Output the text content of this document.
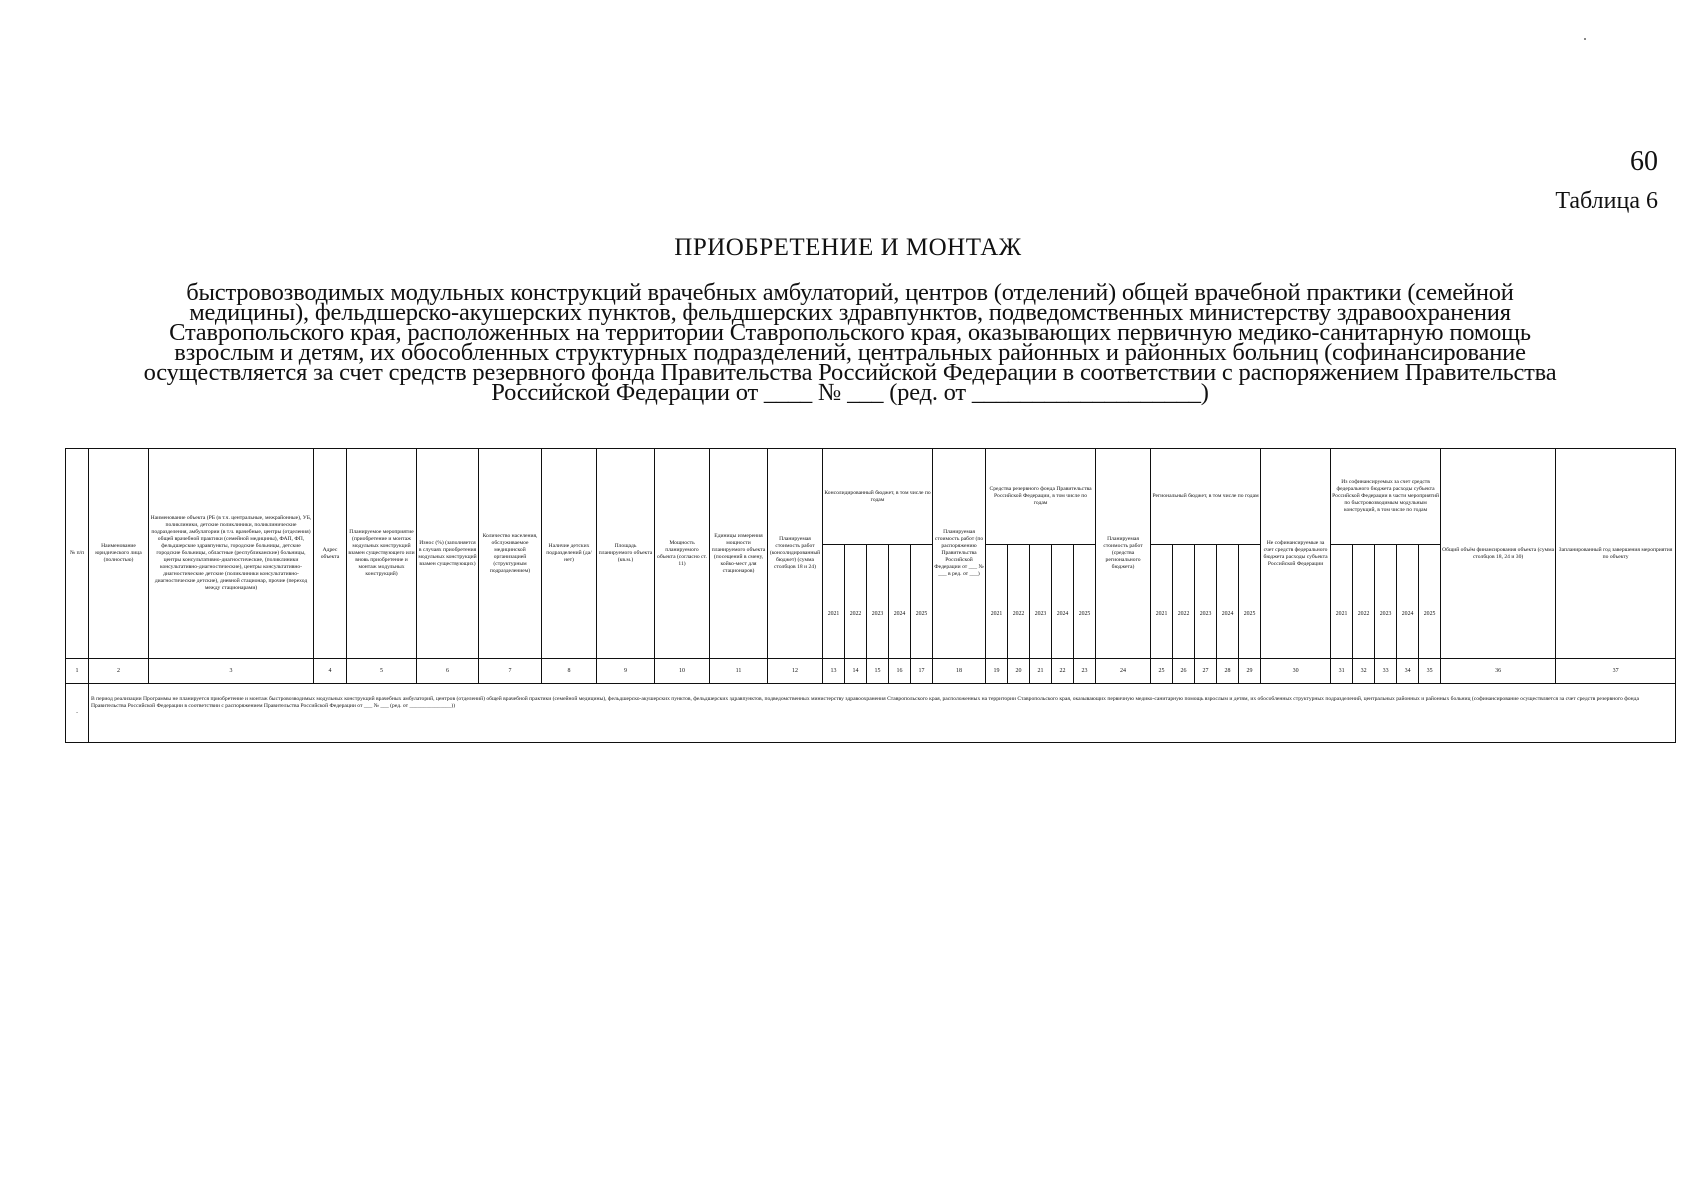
60
Таблица 6
ПРИОБРЕТЕНИЕ И МОНТАЖ
быстровозводимых модульных конструкций врачебных амбулаторий, центров (отделений) общей врачебной практики (семейной
медицины), фельдшерско-акушерских пунктов, фельдшерских здравпунктов, подведомственных министерству здравоохранения
Ставропольского края, расположенных на территории Ставропольского края, оказывающих первичную медико-санитарную помощь
взрослым и детям, их обособленных структурных подразделений, центральных районных и районных больниц (софинансирование
осуществляется за счет средств резервного фонда Правительства Российской Федерации в соответствии с распоряжением Правительства
Российской Федерации от ____ № ___ (ред. от ___________________)
№ п/п	Наименование юридического лица (полностью)	Наименование объекта (РБ (в т.ч. центральные, межрайонные), УБ, поликлиники, детские поликлиники, поликлинические подразделения, амбулатории (в т.ч. врачебные, центры (отделения) общей врачебной практики (семейной медицины), ФАП, ФП, фельдшерские здравпункты, городские больницы, детские городские больницы, областные (республиканские) больницы, центры консультативно-диагностические, (поликлиники консультативно-диагностические), центры консультативно-диагностические детские (поликлиники консультативно-диагностические детские), дневной стационар, прочие (переход между стационарами)	Адрес объекта	Планируемое мероприятие (приобретение и монтаж модульных конструкций взамен существующего или вновь приобретение и монтаж модульных конструкций)	Износ (%) (заполняется в случаях приобретения модульных конструкций взамен существующих)	Количество населения, обслуживаемое медицинской организацией (структурным подразделением)	Наличие детских подразделений (да/нет)	Площадь планируемого объекта (кв.м.)	Мощность планируемого объекта (согласно ст. 11)	Единицы измерения мощности планируемого объекта (посещений в смену, койко-мест для стационаров)	Планируемая стоимость работ (консолидированный бюджет) (сумма столбцов 18 и 24)	Консолидированный бюджет, в том числе по годам					Планируемая стоимость работ (по распоряжению Правительства Российской Федерации от ___ № ___ в ред. от ___)	Средства резервного фонда Правительства Российской Федерации, в том числе по годам					Планируемая стоимость работ (средства регионального бюджета)	Региональный бюджет, в том числе по годам					Не софинансируемые за счет средств федерального бюджета расходы субъекта Российской Федерации	Из софинансируемых за счет средств федерального бюджета расходы субъекта Российской Федерации в части мероприятий по быстровозводимым модульным конструкций, в том числе по годам					Общий объём финансирования объекта (сумма столбцов 18, 24 и 30)	Запланированный год завершения мероприятия по объекту
												2021	2022	2023	2024	2025		2021	2022	2023	2024	2025		2021	2022	2023	2024	2025		2021	2022	2023	2024	2025		
1	2	3	4	5	6	7	8	9	10	11	12	13	14	15	16	17	18	19	20	21	22	23	24	25	26	27	28	29	30	31	32	33	34	35	36	37
-	В период реализации Программы не планируется приобретение и монтаж быстровозводимых модульных конструкций врачебных амбулаторий, центров (отделений) общей врачебной практики (семейной медицины), фельдшерско-акушерских пунктов, фельдшерских здравпунктов, подведомственных министерству здравоохранения Ставропольского края, расположенных на территории Ставропольского края, оказывающих первичную медико-санитарную помощь взрослым и детям, их обособленных структурных подразделений, центральных районных и районных больниц (софинансирование осуществляется за счет средств резервного фонда Правительства Российской Федерации в соответствии с распоряжением Правительства Российской Федерации от ___ № ___ (ред. от _______________))																																			
